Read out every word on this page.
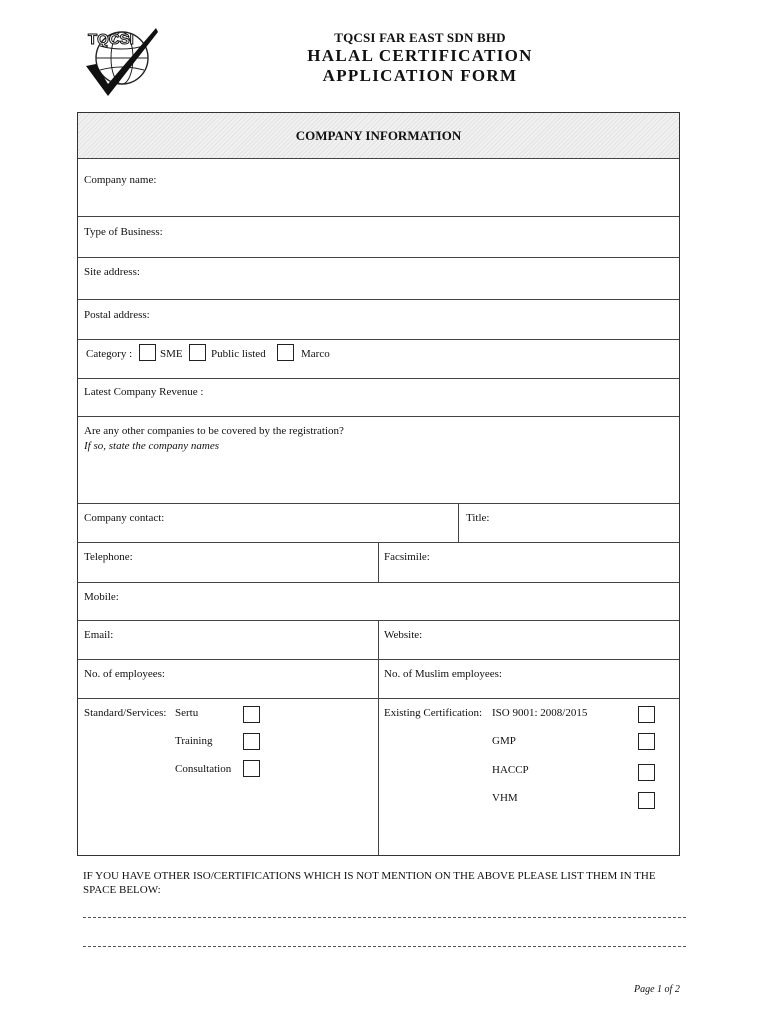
TQCSI	TQCSI FAR EAST SDN BHD
HALAL CERTIFICATION
APPLICATION FORM
COMPANY INFORMATION
Company name:
Type of Business:
Site address:
Postal address:
Category :	SME	Public listed	Marco
Latest Company Revenue :
Are any other companies to be covered by the registration?
If so, state the company names
Company contact:	Title:
Telephone:	Facsimile:
Mobile:
Email:	Website:
No. of employees:	No. of Muslim employees:
Standard/Services: Sertu
Training
Consultation
Existing Certification: ISO 9001: 2008/2015
GMP
HACCP
VHM
IF YOU HAVE OTHER ISO/CERTIFICATIONS WHICH IS NOT MENTION ON THE ABOVE PLEASE LIST THEM IN THE SPACE BELOW:
Page 1 of 2
